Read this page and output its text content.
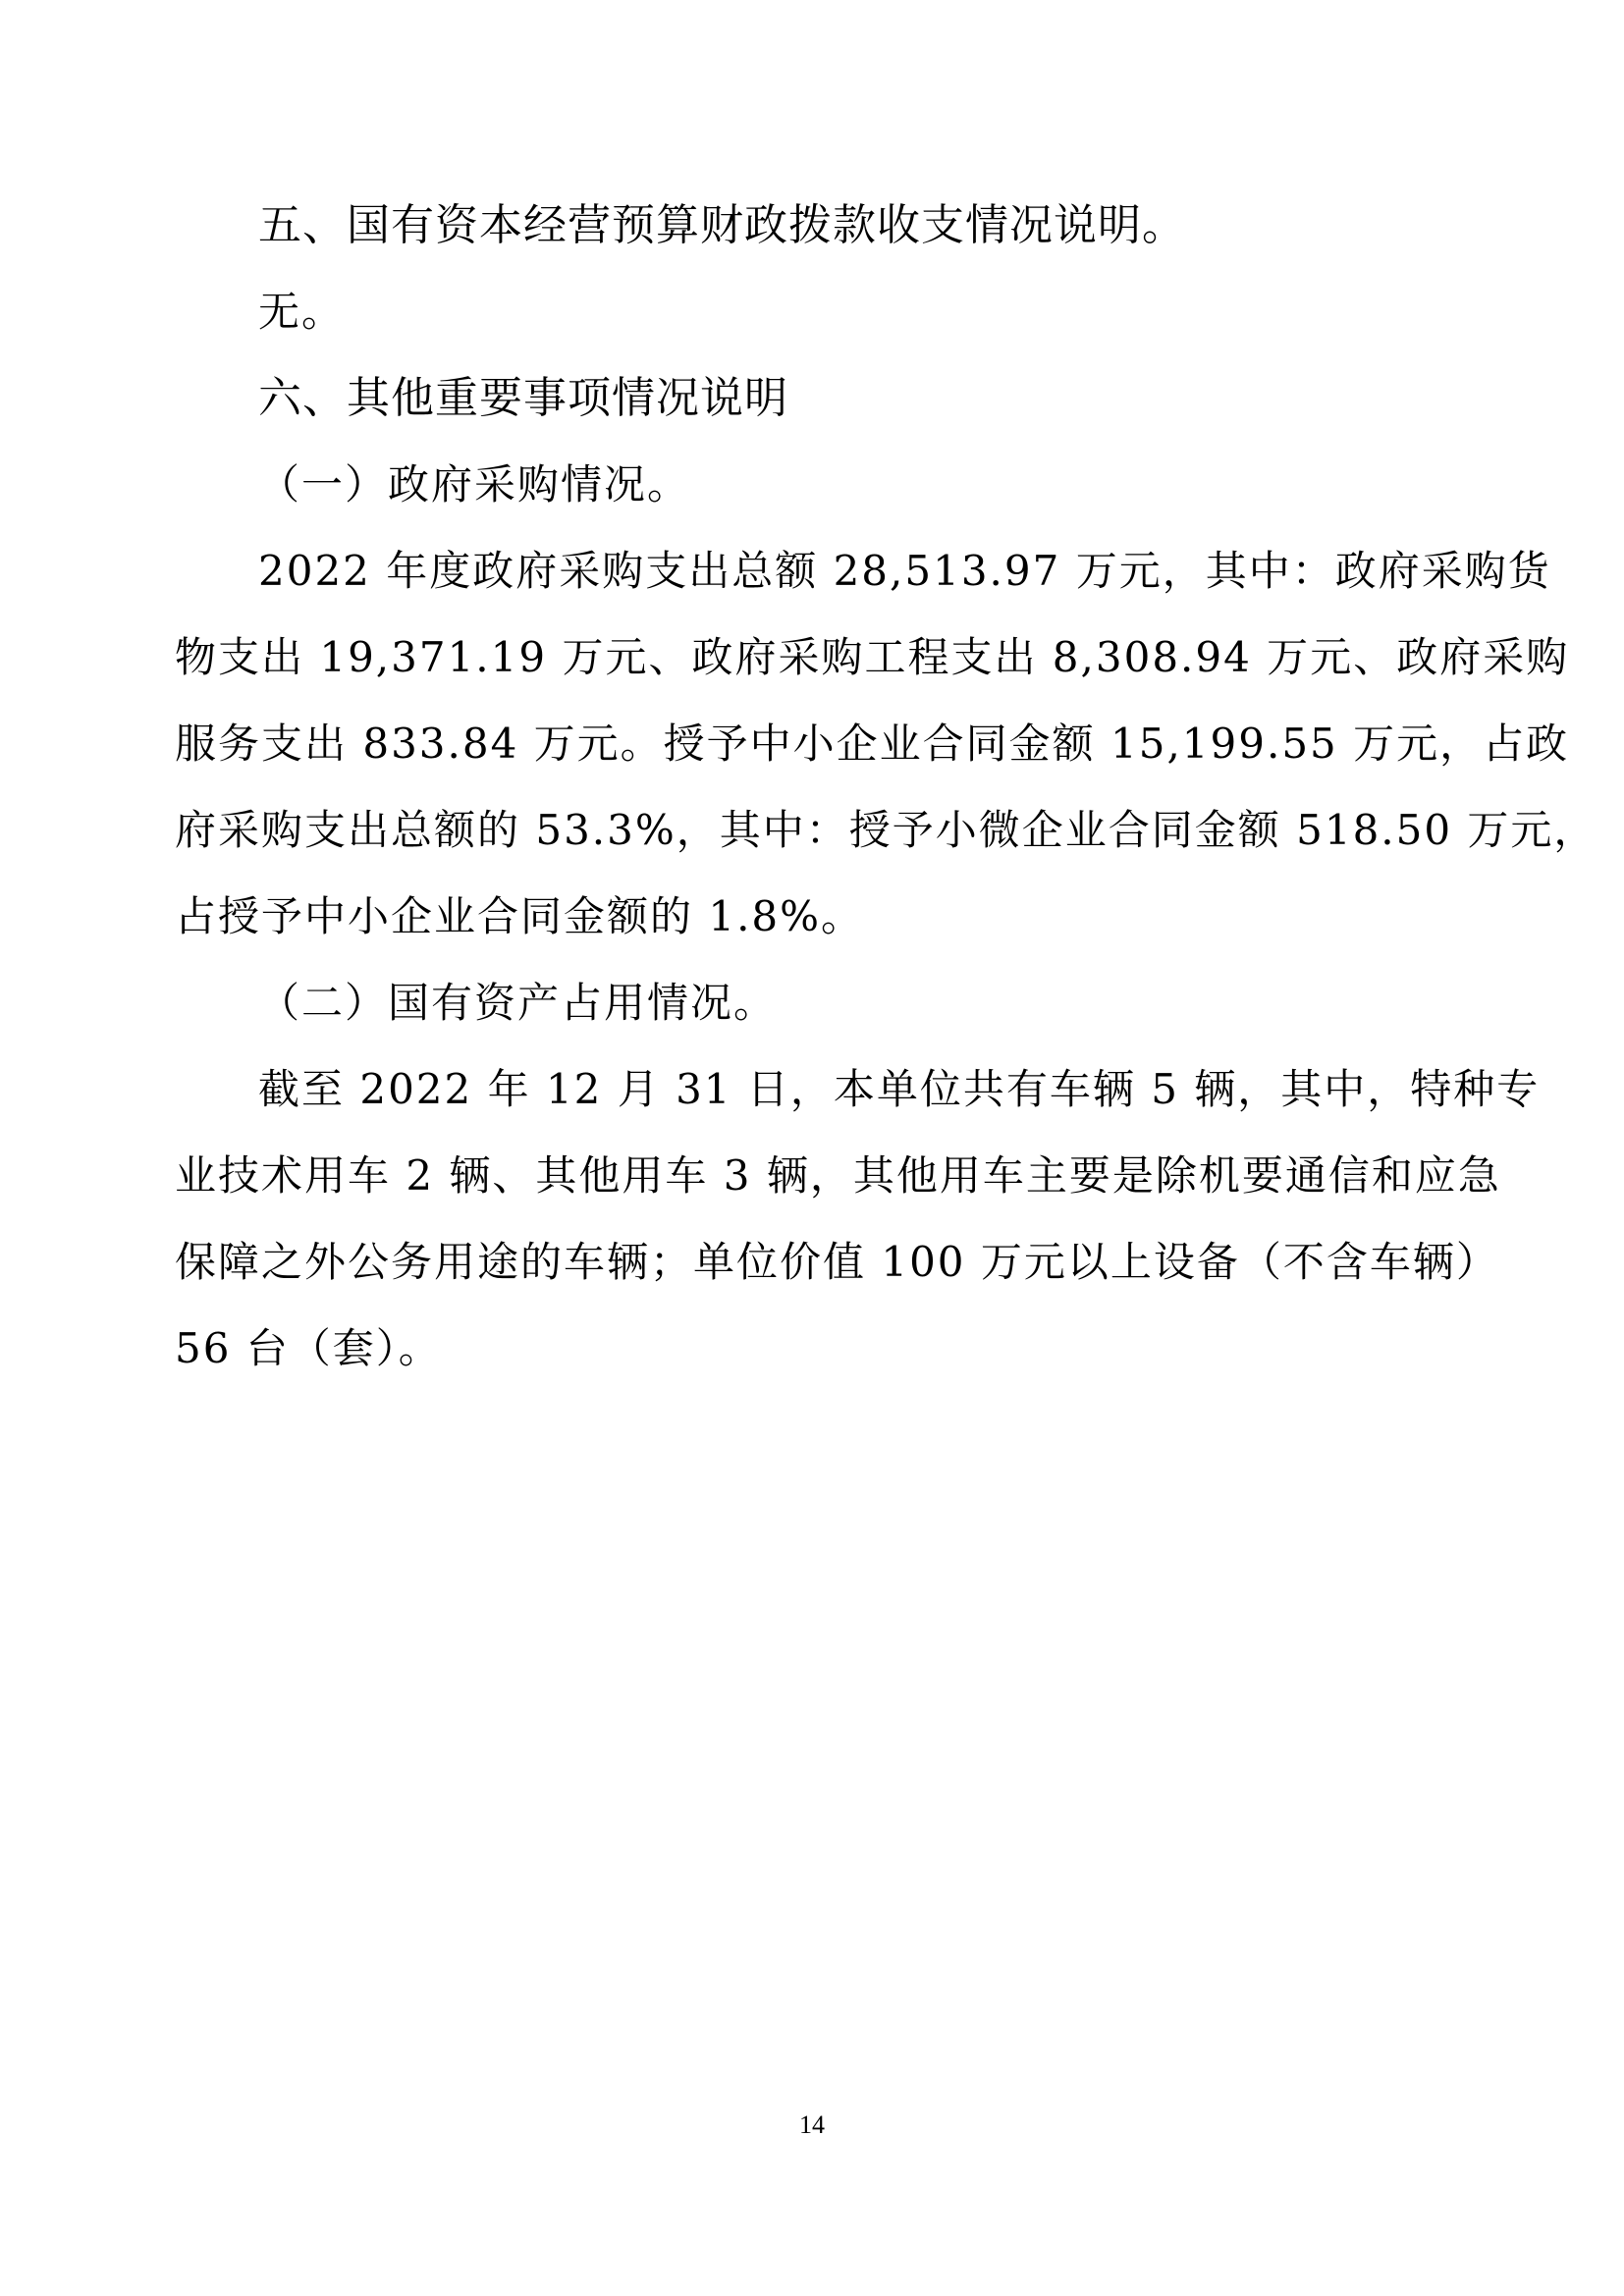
五、国有资本经营预算财政拨款收支情况说明。
无。
六、其他重要事项情况说明
（一）政府采购情况。
2022 年度政府采购支出总额 28,513.97 万元，其中：政府采购货
物支出 19,371.19 万元、政府采购工程支出 8,308.94 万元、政府采购
服务支出 833.84 万元。授予中小企业合同金额 15,199.55 万元，占政
府采购支出总额的 53.3%，其中：授予小微企业合同金额 518.50 万元，
占授予中小企业合同金额的 1.8%。
（二）国有资产占用情况。
截至 2022 年 12 月 31 日，本单位共有车辆 5 辆，其中，特种专
业技术用车 2 辆、其他用车 3 辆，其他用车主要是除机要通信和应急
保障之外公务用途的车辆；单位价值 100 万元以上设备（不含车辆）
56 台（套）。
14
